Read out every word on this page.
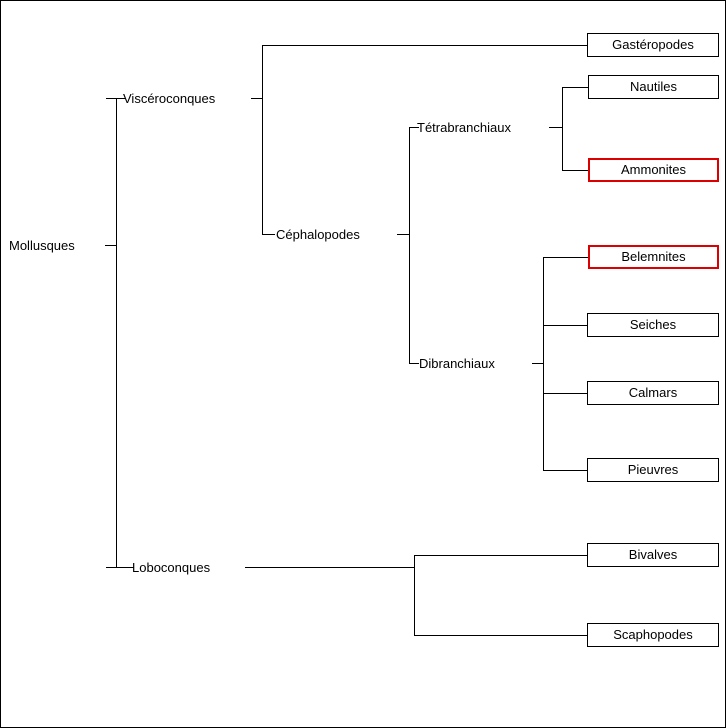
Mollusques
Viscéroconques
Céphalopodes
Tétrabranchiaux
Dibranchiaux
Loboconques
Gastéropodes
Nautiles
Ammonites
Belemnites
Seiches
Calmars
Pieuvres
Bivalves
Scaphopodes
